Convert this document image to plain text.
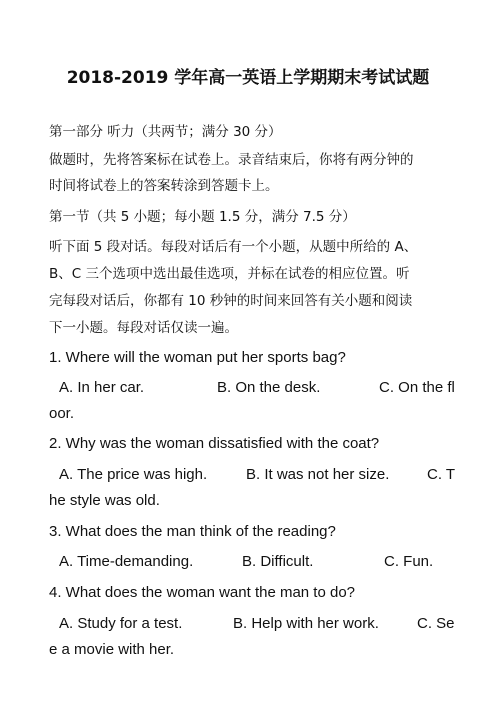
2018-2019 学年高一英语上学期期末考试试题
第一部分 听力（共两节；满分 30 分）
做题时，先将答案标在试卷上。录音结束后，你将有两分钟的
时间将试卷上的答案转涂到答题卡上。
第一节（共 5 小题；每小题 1.5 分，满分 7.5 分）
听下面 5 段对话。每段对话后有一个小题，从题中所给的 A、
B、C 三个选项中选出最佳选项，并标在试卷的相应位置。听
完每段对话后，你都有 10 秒钟的时间来回答有关小题和阅读
下一小题。每段对话仅读一遍。
1. Where will the woman put her sports bag?
A. In her car.	B. On the desk.	C. On the fl
oor.
2. Why was the woman dissatisfied with the coat?
A. The price was high.	B. It was not her size.	C. T
he style was old.
3. What does the man think of the reading?
A. Time-demanding.	B. Difficult.	C. Fun.
4. What does the woman want the man to do?
A. Study for a test.	B. Help with her work.	C. Se
e a movie with her.
